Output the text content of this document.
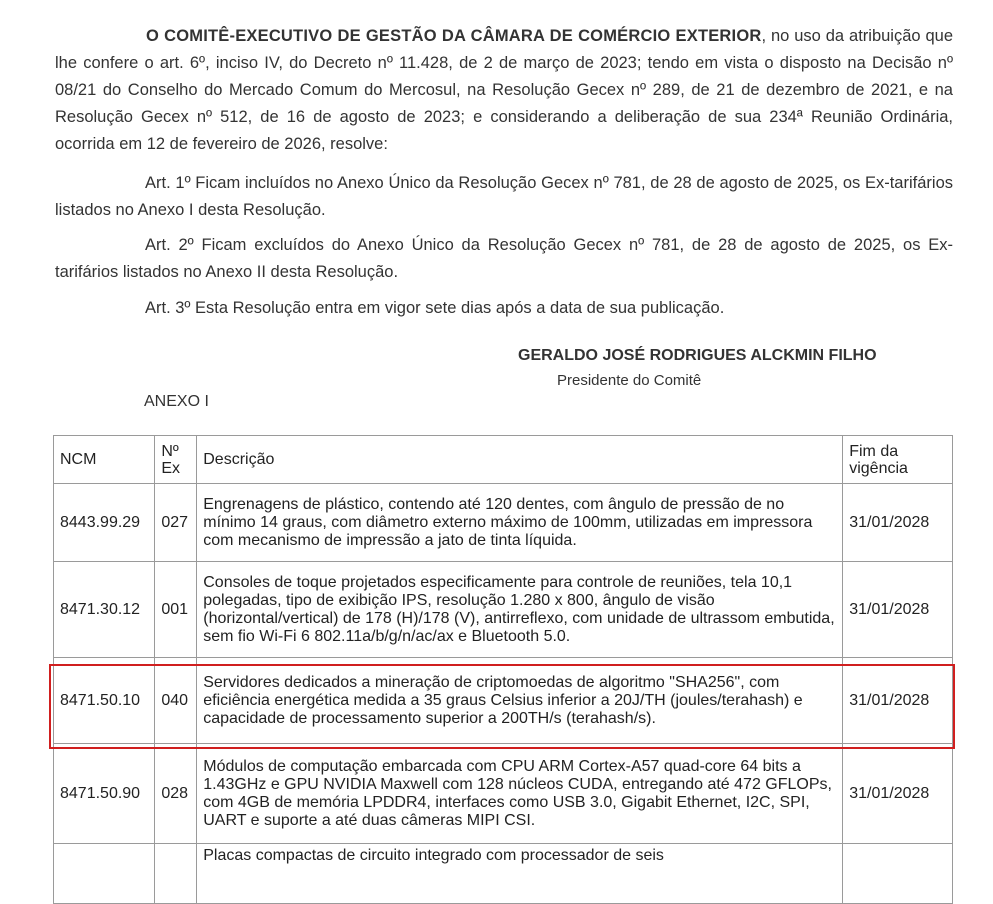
O COMITÊ-EXECUTIVO DE GESTÃO DA CÂMARA DE COMÉRCIO EXTERIOR, no uso da atribuição que lhe confere o art. 6º, inciso IV, do Decreto nº 11.428, de 2 de março de 2023; tendo em vista o disposto na Decisão nº 08/21 do Conselho do Mercado Comum do Mercosul, na Resolução Gecex nº 289, de 21 de dezembro de 2021, e na Resolução Gecex nº 512, de 16 de agosto de 2023; e considerando a deliberação de sua 234ª Reunião Ordinária, ocorrida em 12 de fevereiro de 2026, resolve:

Art. 1º Ficam incluídos no Anexo Único da Resolução Gecex nº 781, de 28 de agosto de 2025, os Ex-tarifários listados no Anexo I desta Resolução.

Art. 2º Ficam excluídos do Anexo Único da Resolução Gecex nº 781, de 28 de agosto de 2025, os Ex-tarifários listados no Anexo II desta Resolução.

Art. 3º Esta Resolução entra em vigor sete dias após a data de sua publicação.

GERALDO JOSÉ RODRIGUES ALCKMIN FILHO

Presidente do Comitê

ANEXO I

NCM	Nº Ex	Descrição	Fim da vigência
8443.99.29	027	Engrenagens de plástico, contendo até 120 dentes, com ângulo de pressão de no mínimo 14 graus, com diâmetro externo máximo de 100mm, utilizadas em impressora com mecanismo de impressão a jato de tinta líquida.	31/01/2028
8471.30.12	001	Consoles de toque projetados especificamente para controle de reuniões, tela 10,1 polegadas, tipo de exibição IPS, resolução 1.280 x 800, ângulo de visão (horizontal/vertical) de 178 (H)/178 (V), antirreflexo, com unidade de ultrassom embutida, sem fio Wi-Fi 6 802.11a/b/g/n/ac/ax e Bluetooth 5.0.	31/01/2028
8471.50.10	040	Servidores dedicados a mineração de criptomoedas de algoritmo "SHA256", com eficiência energética medida a 35 graus Celsius inferior a 20J/TH (joules/terahash) e capacidade de processamento superior a 200TH/s (terahash/s).	31/01/2028
8471.50.90	028	Módulos de computação embarcada com CPU ARM Cortex-A57 quad-core 64 bits a 1.43GHz e GPU NVIDIA Maxwell com 128 núcleos CUDA, entregando até 472 GFLOPs, com 4GB de memória LPDDR4, interfaces como USB 3.0, Gigabit Ethernet, I2C, SPI, UART e suporte a até duas câmeras MIPI CSI.	31/01/2028
		Placas compactas de circuito integrado com processador de seis	
